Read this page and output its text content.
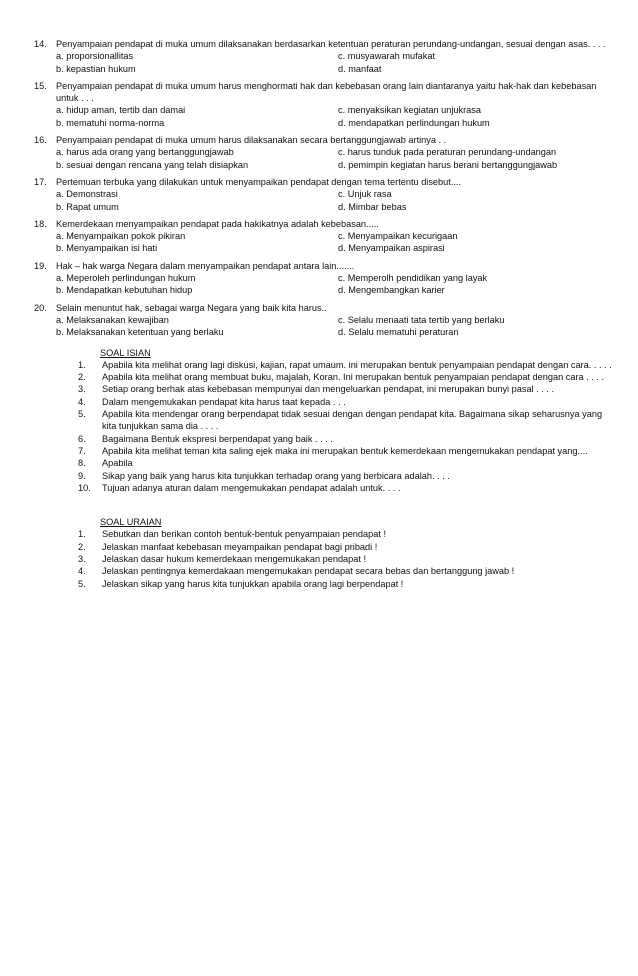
14. Penyampaian pendapat di muka umum dilaksanakan berdasarkan ketentuan peraturan perundang-undangan, sesuai dengan asas. . . .
a. proporsionallitas	c. musyawarah mufakat
b. kepastian hukum	d. manfaat
15. Penyampaian pendapat di muka umum harus menghormati hak dan kebebasan orang lain diantaranya yaitu hak-hak dan kebebasan untuk . . .
a. hidup aman, tertib dan damai	c. menyaksikan kegiatan unjukrasa
b. mematuhi norma-norma	d. mendapatkan perlindungan hukum
16. Penyampaian pendapat di muka umum harus dilaksanakan secara bertanggungjawab artinya . .
a. harus ada orang yang bertanggungjawab	c. harus tunduk pada peraturan perundang-undangan
b. sesuai dengan rencana yang telah disiapkan	d. pemimpin kegiatan harus berani bertanggungjawab
17. Pertemuan terbuka yang dilakukan untuk menyampaikan pendapat dengan tema tertentu disebut....
a. Demonstrasi	c. Unjuk rasa
b. Rapat umum	d. Mimbar bebas
18. Kemerdekaan menyampaikan pendapat pada hakikatnya adalah kebebasan.....
a. Menyampaikan pokok pikiran	c. Menyampaikan kecurigaan
b. Menyampaikan isi hati	d. Menyampaikan aspirasi
19. Hak – hak warga Negara dalam menyampaikan pendapat antara lain.......
a. Meperoleh perlindungan hukum	c. Memperolh pendidikan yang layak
b. Mendapatkan kebutuhan hidup	d. Mengembangkan karier
20. Selain menuntut hak, sebagai warga Negara yang baik kita harus..
a. Melaksanakan kewajiban	c. Selalu menaati tata tertib yang berlaku
b. Melaksanakan ketentuan yang berlaku	d. Selalu mematuhi peraturan
SOAL ISIAN
1. Apabila kita melihat orang lagi diskusi, kajian, rapat umaum. ini merupakan bentuk penyampaian pendapat dengan cara. . . . .
2. Apabila kita melihat orang membuat buku, majalah, Koran. Ini merupakan bentuk penyampaian pendapat dengan cara . . . .
3. Setiap orang berhak atas kebebasan mempunyai dan mengeluarkan pendapat, ini merupakan bunyi pasal . . . .
4. Dalam mengemukakan pendapat kita harus taat kepada . . .
5. Apabila kita mendengar orang berpendapat tidak sesuai dengan dengan pendapat kita. Bagaimana sikap seharusnya yang kita tunjukkan sama dia . . . .
6. Bagaimana Bentuk ekspresi berpendapat yang baik . . . .
7. Apabila kita melihat teman kita saling ejek maka ini merupakan bentuk kemerdekaan mengemukakan pendapat yang....
8. Apabila
9. Sikap yang baik yang harus kita tunjukkan terhadap orang yang berbicara adalah. . . .
10. Tujuan adanya aturan dalam mengemukakan pendapat adalah untuk. . . .
SOAL URAIAN
1. Sebutkan dan berikan contoh bentuk-bentuk penyampaian pendapat !
2. Jelaskan manfaat kebebasan meyampaikan pendapat bagi pribadi !
3. Jelaskan dasar hukum kemerdekaan mengemukakan pendapat !
4. Jelaskan pentingnya kemerdakaan mengemukakan pendapat secara bebas dan bertanggung jawab !
5. Jelaskan sikap yang harus kita tunjukkan apabila orang lagi berpendapat !
